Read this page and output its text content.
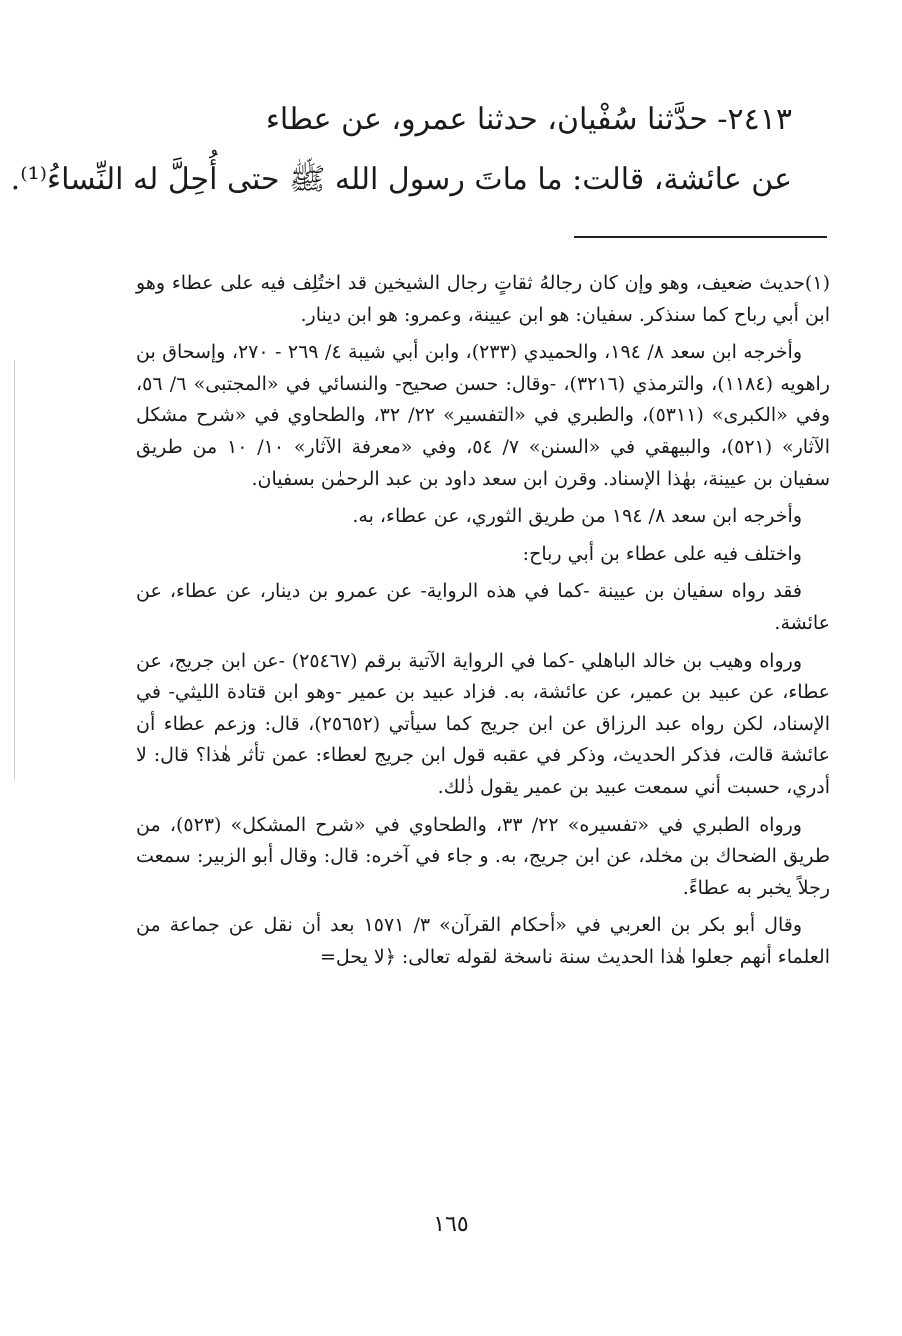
٢٤١٣- حدَّثنا سُفْيان، حدثنا عمرو، عن عطاء
عن عائشة، قالت: ما ماتَ رسول الله ﷺ حتى أُحِلَّ له النِّساءُ⁽¹⁾.

(١)حديث ضعيف، وهو وإن كان رجالهُ ثقاتٍ رجال الشيخين قد اختُلِف فيه على عطاء وهو ابن أبي رباح كما سنذكر. سفيان: هو ابن عيينة، وعمرو: هو ابن دينار.

وأخرجه ابن سعد ٨/ ١٩٤، والحميدي (٢٣٣)، وابن أبي شيبة ٤/ ٢٦٩ - ٢٧٠، وإسحاق بن راهويه (١١٨٤)، والترمذي (٣٢١٦)، -وقال: حسن صحيح- والنسائي في «المجتبى» ٦/ ٥٦، وفي «الكبرى» (٥٣١١)، والطبري في «التفسير» ٢٢/ ٣٢، والطحاوي في «شرح مشكل الآثار» (٥٢١)، والبيهقي في «السنن» ٧/ ٥٤، وفي «معرفة الآثار» ١٠/ ١٠ من طريق سفيان بن عيينة، بهٰذا الإسناد. وقرن ابن سعد داود بن عبد الرحمٰن بسفيان.

وأخرجه ابن سعد ٨/ ١٩٤ من طريق الثوري، عن عطاء، به.

واختلف فيه على عطاء بن أبي رباح:

فقد رواه سفيان بن عيينة -كما في هذه الرواية- عن عمرو بن دينار، عن عطاء، عن عائشة.

ورواه وهيب بن خالد الباهلي -كما في الرواية الآتية برقم (٢٥٤٦٧) -عن ابن جريج، عن عطاء، عن عبيد بن عمير، عن عائشة، به. فزاد عبيد بن عمير -وهو ابن قتادة الليثي- في الإسناد، لكن رواه عبد الرزاق عن ابن جريج كما سيأتي (٢٥٦٥٢)، قال: وزعم عطاء أن عائشة قالت، فذكر الحديث، وذكر في عقبه قول ابن جريج لعطاء: عمن تأثر هٰذا؟ قال: لا أدري، حسبت أني سمعت عبيد بن عمير يقول ذٰلك.

ورواه الطبري في «تفسيره» ٢٢/ ٣٣، والطحاوي في «شرح المشكل» (٥٢٣)، من طريق الضحاك بن مخلد، عن ابن جريج، به. و جاء في آخره: قال: وقال أبو الزبير: سمعت رجلاً يخبر به عطاءً.

وقال أبو بكر بن العربي في «أحكام القرآن» ٣/ ١٥٧١ بعد أن نقل عن جماعة من العلماء أنهم جعلوا هٰذا الحديث سنة ناسخة لقوله تعالى: ﴿لا يحل=

١٦٥
